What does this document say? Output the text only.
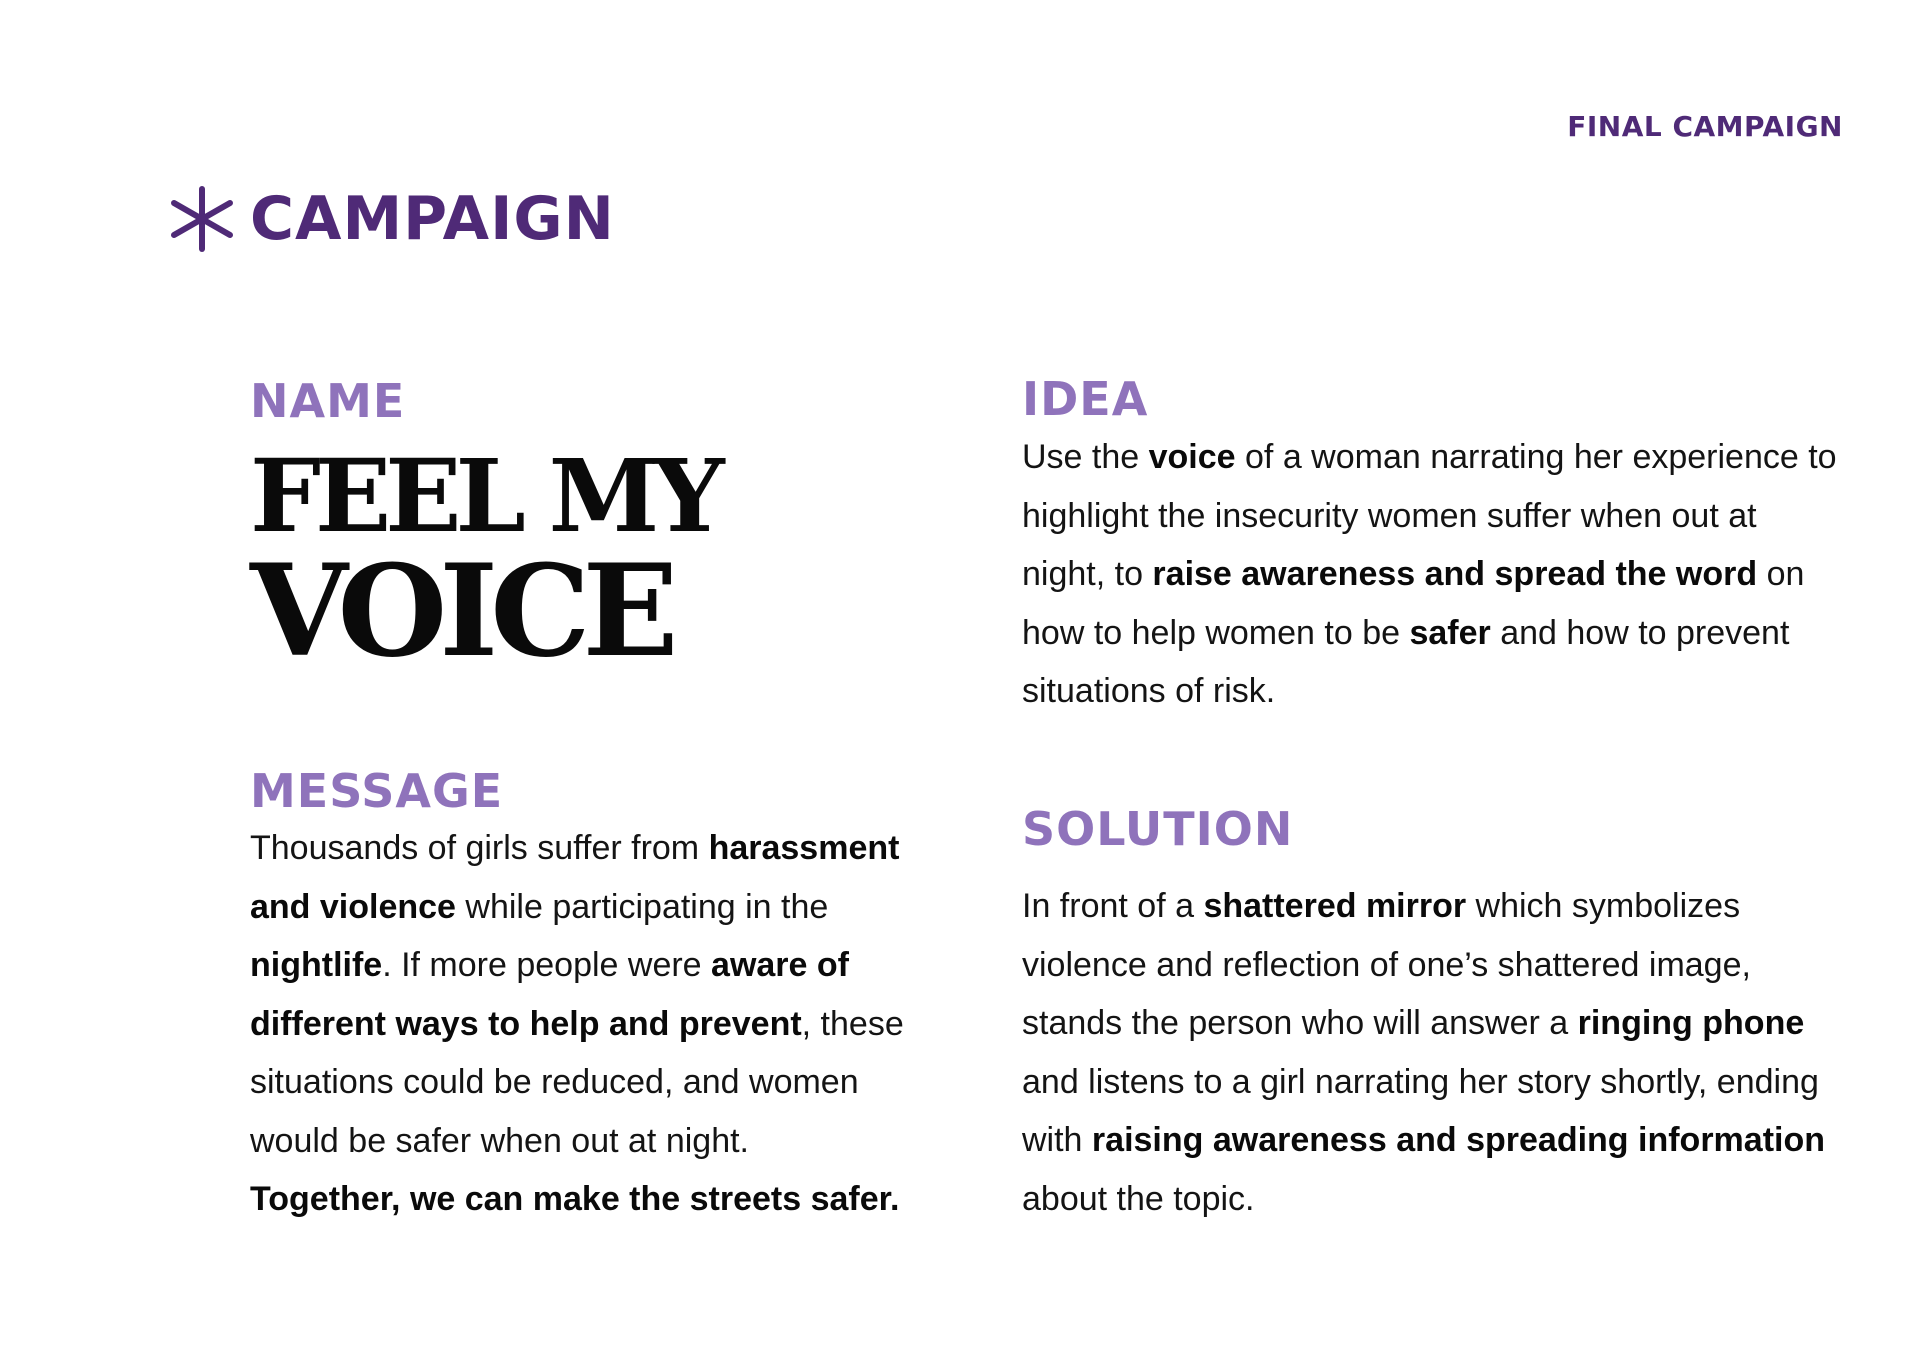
FINAL CAMPAIGN
CAMPAIGN
NAME
FEEL MY
VOICE
MESSAGE
Thousands of girls suffer from harassment and violence while participating in the nightlife. If more people were aware of different ways to help and prevent, these situations could be reduced, and women would be safer when out at night.
Together, we can make the streets safer.
IDEA
Use the voice of a woman narrating her experience to highlight the insecurity women suffer when out at night, to raise awareness and spread the word on how to help women to be safer and how to prevent situations of risk.
SOLUTION
In front of a shattered mirror which symbolizes violence and reflection of one’s shattered image, stands the person who will answer a ringing phone and listens to a girl narrating her story shortly, ending with raising awareness and spreading information about the topic.
